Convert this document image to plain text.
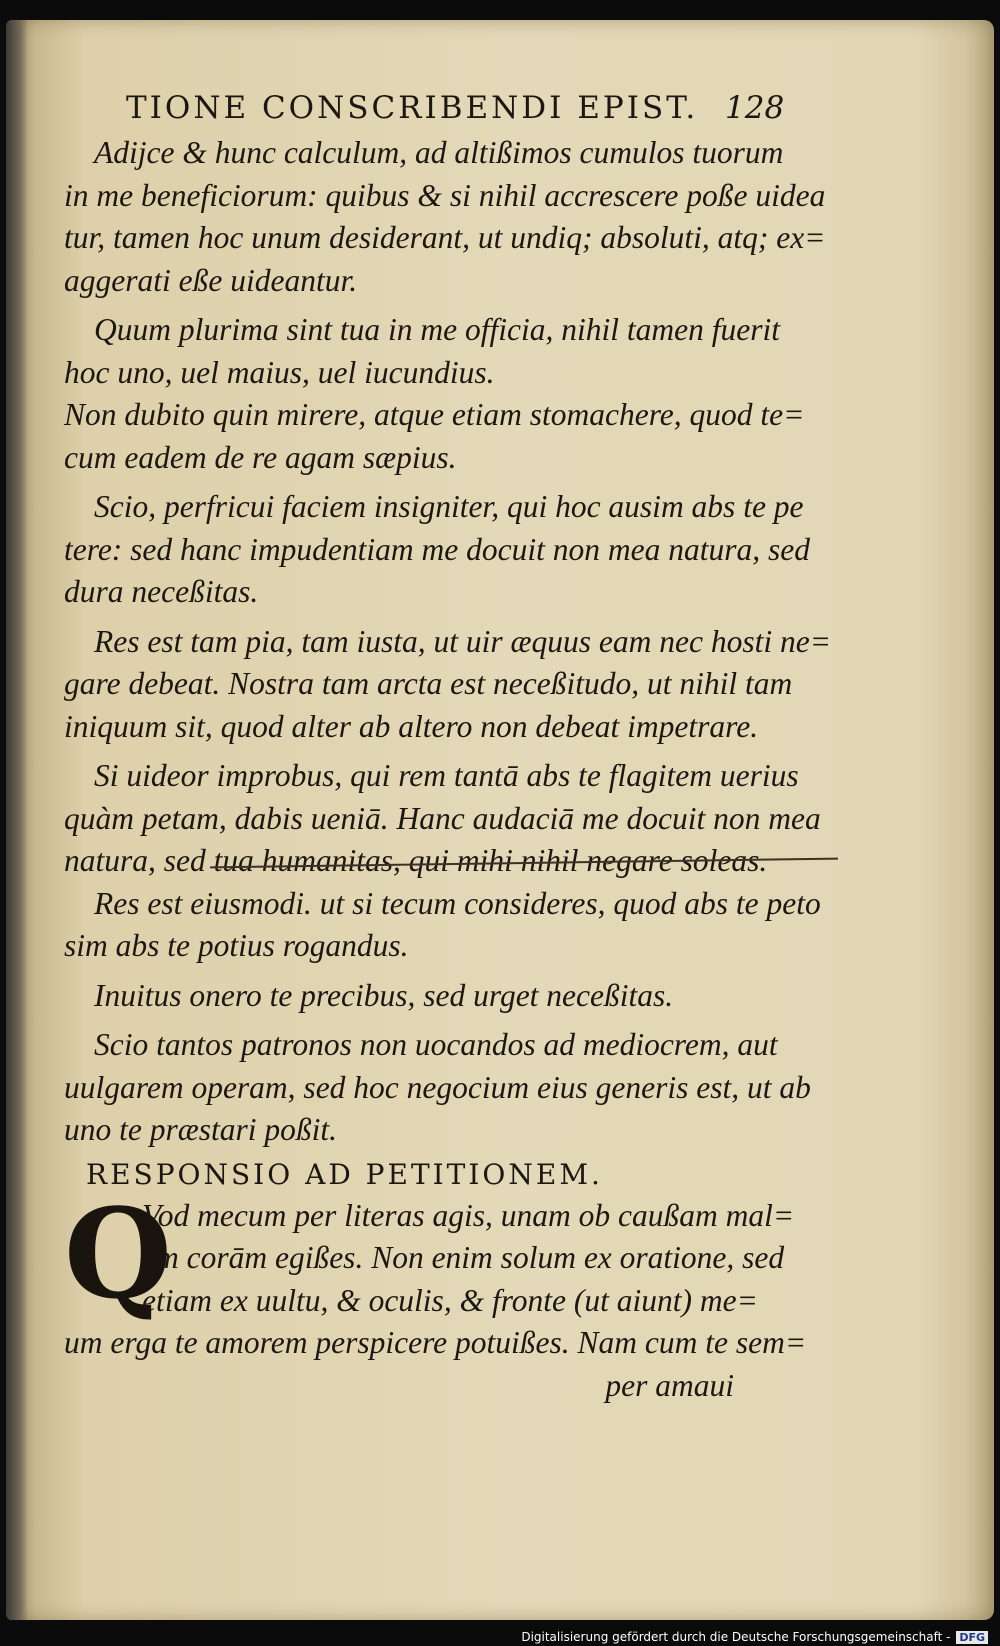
TIONE CONSCRIBENDI EPIST. 128
Adijce & hunc calculum, ad altißimos cumulos tuorum
in me beneficiorum: quibus & si nihil accrescere poße uidea
tur, tamen hoc unum desiderant, ut undiq; absoluti, atq; ex=
aggerati eße uideantur.
Quum plurima sint tua in me officia, nihil tamen fuerit
hoc uno, uel maius, uel iucundius.
Non dubito quin mirere, atque etiam stomachere, quod te=
cum eadem de re agam sæpius.
Scio, perfricui faciem insigniter, qui hoc ausim abs te pe
tere: sed hanc impudentiam me docuit non mea natura, sed
dura neceßitas.
Res est tam pia, tam iusta, ut uir æquus eam nec hosti ne=
gare debeat. Nostra tam arcta est neceßitudo, ut nihil tam
iniquum sit, quod alter ab altero non debeat impetrare.
Si uideor improbus, qui rem tantā abs te flagitem uerius
quàm petam, dabis ueniā. Hanc audaciā me docuit non mea
natura, sed tua humanitas, qui mihi nihil negare soleas.
Res est eiusmodi. ut si tecum consideres, quod abs te peto
sim abs te potius rogandus.
Inuitus onero te precibus, sed urget neceßitas.
Scio tantos patronos non uocandos ad mediocrem, aut
uulgarem operam, sed hoc negocium eius generis est, ut ab
uno te præstari poßit.
RESPONSIO AD PETITIONEM.
Q
Vod mecum per literas agis, unam ob caußam mal=
em corām egißes. Non enim solum ex oratione, sed
etiam ex uultu, & oculis, & fronte (ut aiunt) me=
um erga te amorem perspicere potuißes. Nam cum te sem=
per amaui
Digitalisierung gefördert durch die Deutsche Forschungsgemeinschaft - DFG
